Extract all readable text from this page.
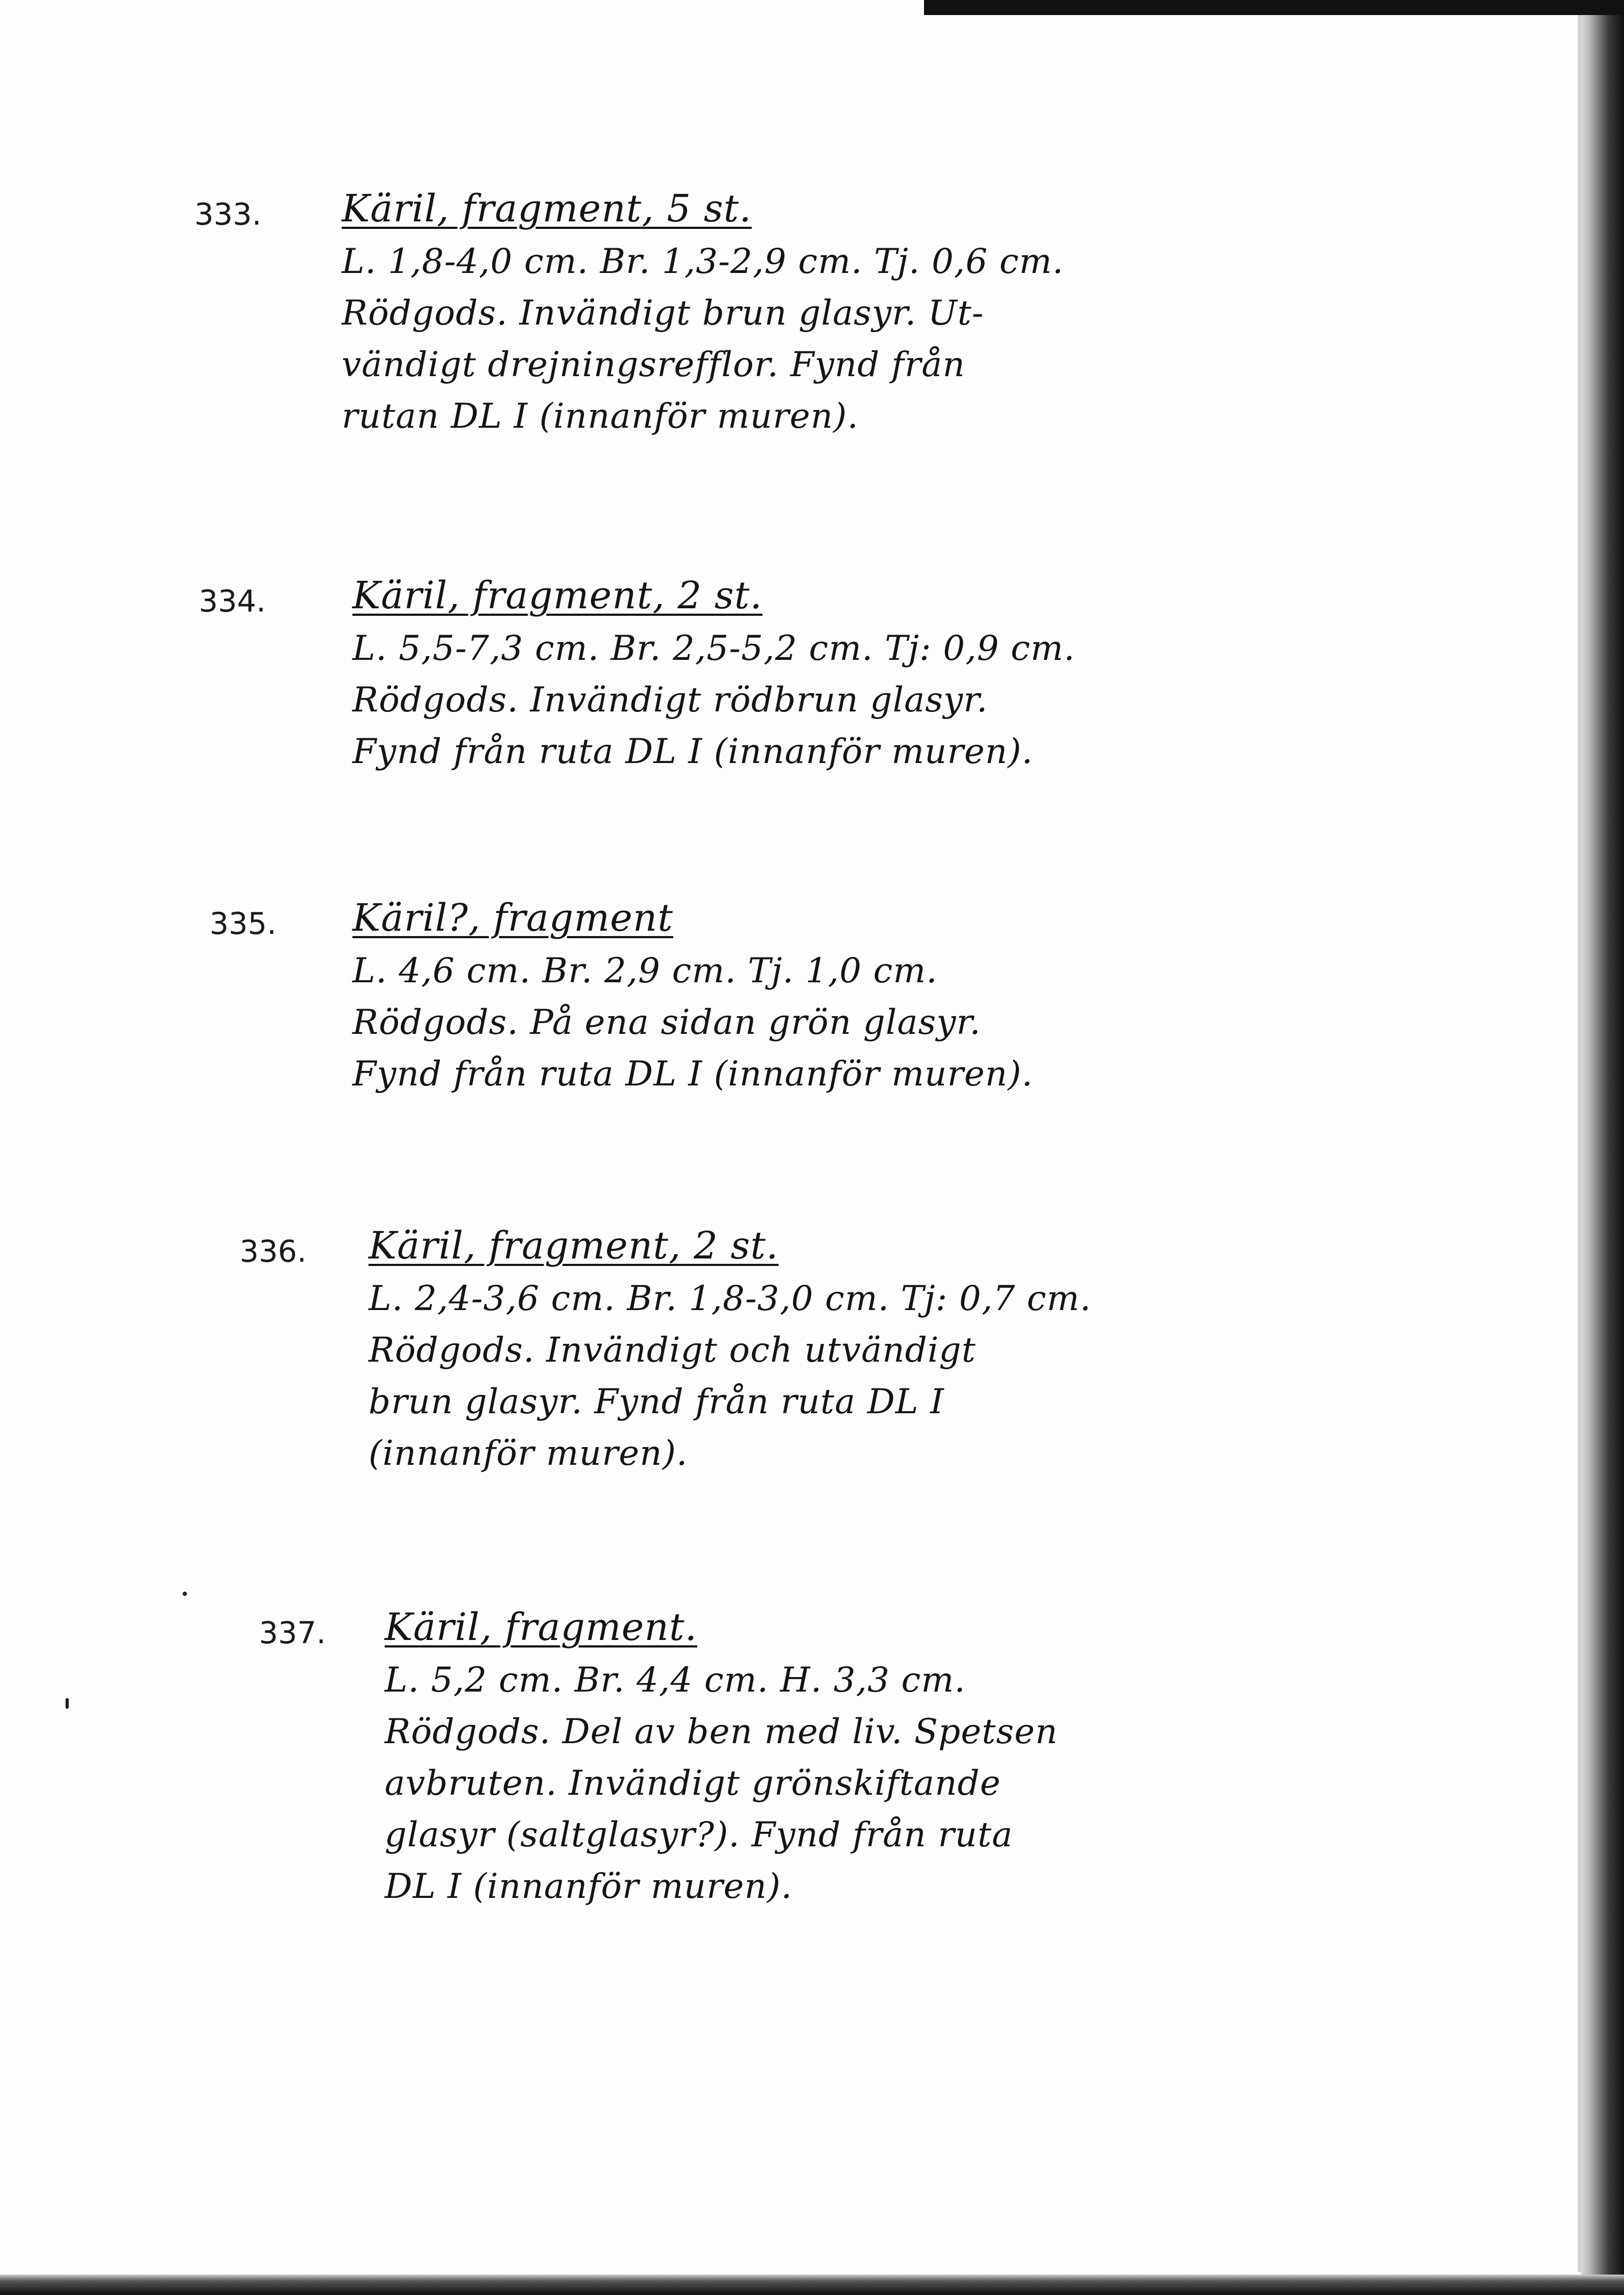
333. Käril, fragment, 5 st.
L. 1,8-4,0 cm. Br. 1,3-2,9 cm. Tj. 0,6 cm.
Rödgods. Invändigt brun glasyr. Ut-
vändigt drejningsrefflor. Fynd från
rutan DL I (innanför muren).
334. Käril, fragment, 2 st.
L. 5,5-7,3 cm. Br. 2,5-5,2 cm. Tj: 0,9 cm.
Rödgods. Invändigt rödbrun glasyr.
Fynd från ruta DL I (innanför muren).
335. Käril?, fragment
L. 4,6 cm. Br. 2,9 cm. Tj. 1,0 cm.
Rödgods. På ena sidan grön glasyr.
Fynd från ruta DL I (innanför muren).
336. Käril, fragment, 2 st.
L. 2,4-3,6 cm. Br. 1,8-3,0 cm. Tj: 0,7 cm.
Rödgods. Invändigt och utvändigt
brun glasyr. Fynd från ruta DL I
(innanför muren).
337. Käril, fragment.
L. 5,2 cm. Br. 4,4 cm. H. 3,3 cm.
Rödgods. Del av ben med liv. Spetsen
avbruten. Invändigt grönskiftande
glasyr (saltglasyr?). Fynd från ruta
DL I (innanför muren).
